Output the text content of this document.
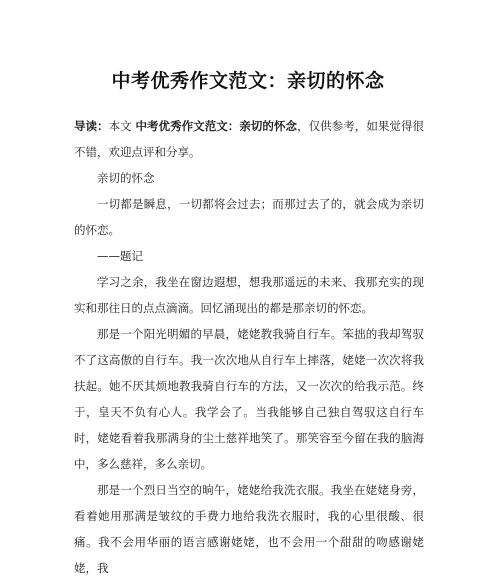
中考优秀作文范文：亲切的怀念

导读：本文 中考优秀作文范文：亲切的怀念，仅供参考，如果觉得很不错，欢迎点评和分享。

亲切的怀念

一切都是瞬息，一切都将会过去；而那过去了的，就会成为亲切的怀恋。

——题记

学习之余，我坐在窗边遐想，想我那遥远的未来、我那充实的现实和那往日的点点滴滴。回忆涌现出的都是那亲切的怀恋。

那是一个阳光明媚的早晨，姥姥教我骑自行车。笨拙的我却驾驭不了这高傲的自行车。我一次次地从自行车上摔落，姥姥一次次将我扶起。她不厌其烦地教我骑自行车的方法，又一次次的给我示范。终于，皇天不负有心人。我学会了。当我能够自己独自驾驭这自行车时，姥姥看着我那满身的尘土慈祥地笑了。那笑容至今留在我的脑海中，多么慈祥，多么亲切。

那是一个烈日当空的晌午，姥姥给我洗衣服。我坐在姥姥身旁，看着她用那满是皱纹的手费力地给我洗衣服时，我的心里很酸、很痛。我不会用华丽的语言感谢姥姥，也不会用一个甜甜的吻感谢姥姥，我
